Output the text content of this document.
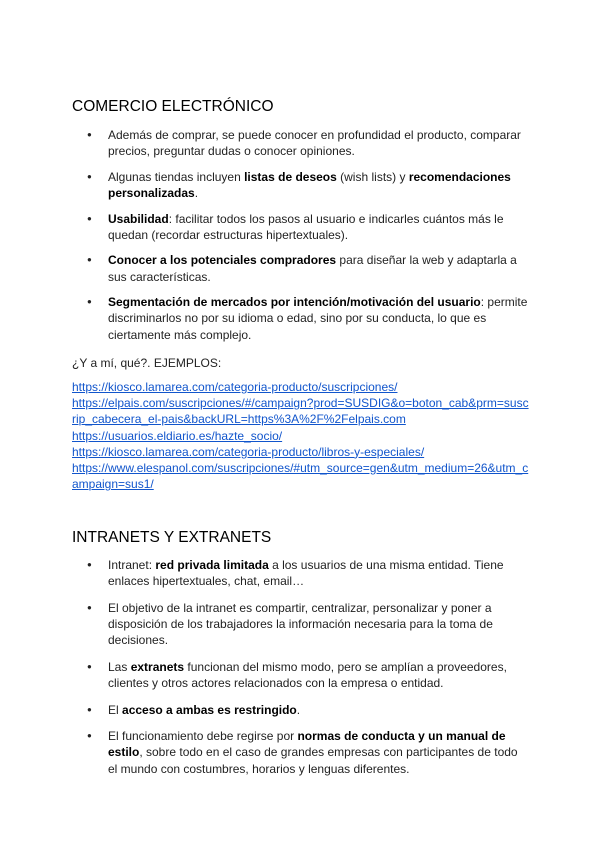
COMERCIO ELECTRÓNICO
● Además de comprar, se puede conocer en profundidad el producto, comparar precios, preguntar dudas o conocer opiniones.
● Algunas tiendas incluyen listas de deseos (wish lists) y recomendaciones personalizadas.
● Usabilidad: facilitar todos los pasos al usuario e indicarles cuántos más le quedan (recordar estructuras hipertextuales).
● Conocer a los potenciales compradores para diseñar la web y adaptarla a sus características.
● Segmentación de mercados por intención/motivación del usuario: permite discriminarlos no por su idioma o edad, sino por su conducta, lo que es ciertamente más complejo.
¿Y a mí, qué?. EJEMPLOS:
https://kiosco.lamarea.com/categoria-producto/suscripciones/
https://elpais.com/suscripciones/#/campaign?prod=SUSDIG&o=boton_cab&prm=suscrip_cabecera_el-pais&backURL=https%3A%2F%2Felpais.com
https://usuarios.eldiario.es/hazte_socio/
https://kiosco.lamarea.com/categoria-producto/libros-y-especiales/
https://www.elespanol.com/suscripciones/#utm_source=gen&utm_medium=26&utm_campaign=sus1/
INTRANETS Y EXTRANETS
● Intranet: red privada limitada a los usuarios de una misma entidad. Tiene enlaces hipertextuales, chat, email…
● El objetivo de la intranet es compartir, centralizar, personalizar y poner a disposición de los trabajadores la información necesaria para la toma de decisiones.
● Las extranets funcionan del mismo modo, pero se amplían a proveedores, clientes y otros actores relacionados con la empresa o entidad.
● El acceso a ambas es restringido.
● El funcionamiento debe regirse por normas de conducta y un manual de estilo, sobre todo en el caso de grandes empresas con participantes de todo el mundo con costumbres, horarios y lenguas diferentes.
